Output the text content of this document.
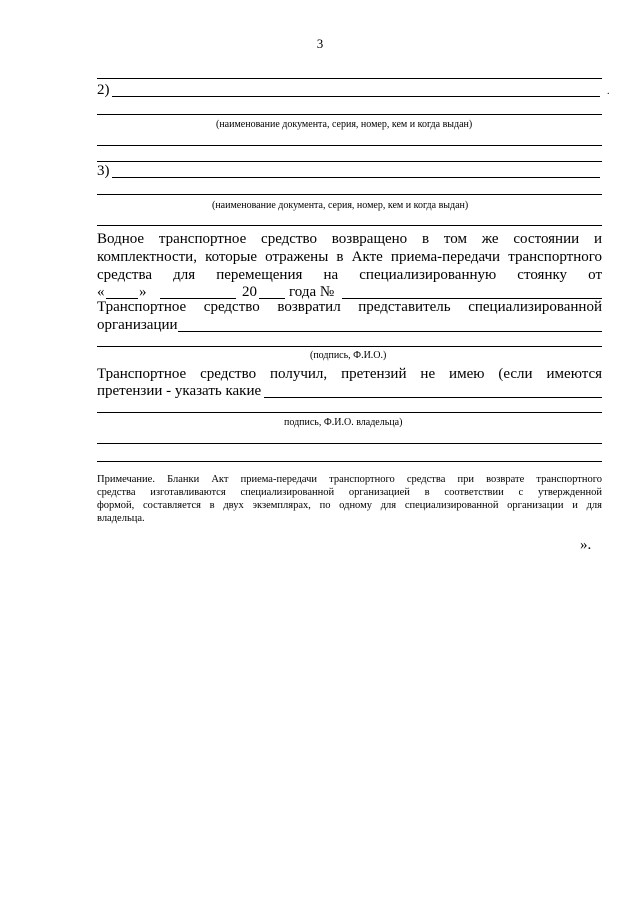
3
2)	.
(наименование документа, серия, номер, кем и когда выдан)
3)
(наименование документа, серия, номер, кем и когда выдан)
Водное транспортное средство возвращено в том же состоянии и
комплектности, которые отражены в Акте приема-передачи транспортного
средства для перемещения на специализированную стоянку от
« »	20 года №
Транспортное средство возвратил представитель специализированной
организации
(подпись, Ф.И.О.)
Транспортное средство получил, претензий не имею (если имеются
претензии - указать какие
подпись, Ф.И.О. владельца)
Примечание. Бланки Акт приема-передачи транспортного средства при возврате транспортного
средства изготавливаются специализированной организацией в соответствии с утвержденной
формой, составляется в двух экземплярах, по одному для специализированной организации и для
владельца.
».
